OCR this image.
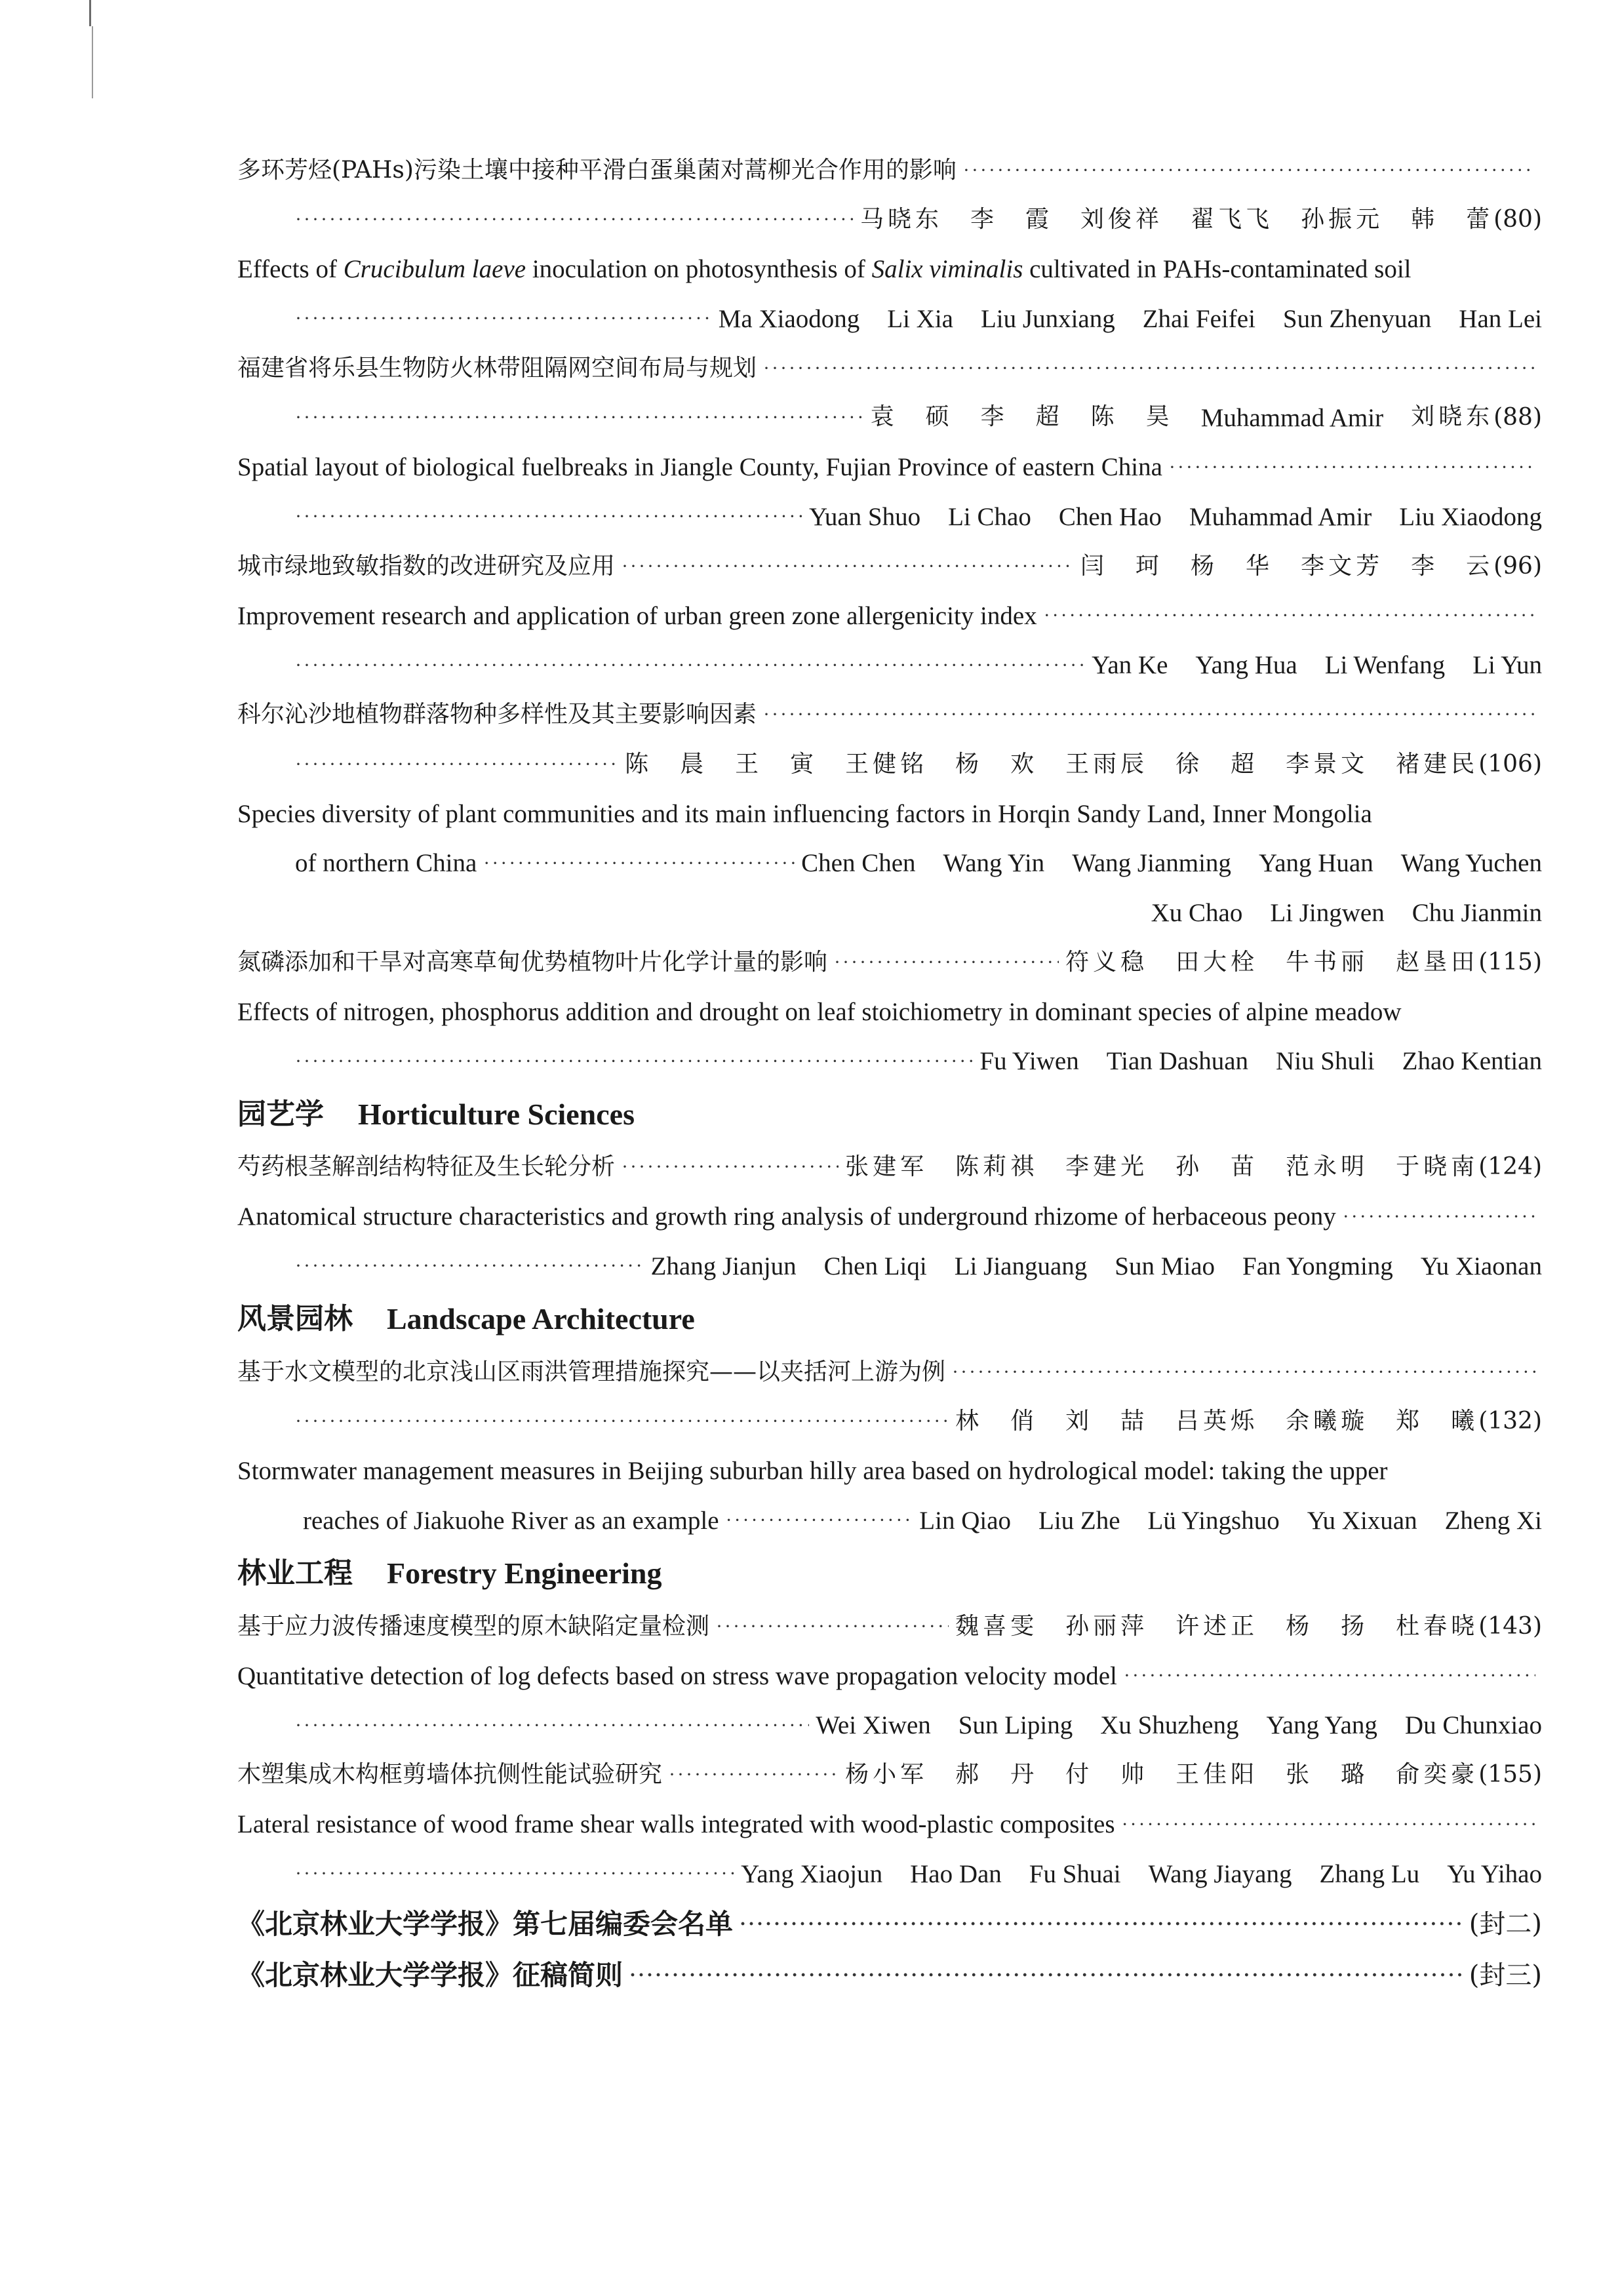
多环芳烃(PAHs)污染土壤中接种平滑白蛋巢菌对蒿柳光合作用的影响
·····
·····
马晓东 李　霞 刘俊祥 翟飞飞 孙振元 韩　蕾 (80)
Effects of Crucibulum laeve inoculation on photosynthesis of Salix viminalis cultivated in PAHs-contaminated soil
·····
Ma Xiaodong Li Xia Liu Junxiang Zhai Feifei Sun Zhenyuan Han Lei
福建省将乐县生物防火林带阻隔网空间布局与规划
·····
·····
袁　硕 李　超 陈　昊 Muhammad Amir 刘晓东 (88)
Spatial layout of biological fuelbreaks in Jiangle County, Fujian Province of eastern China
·····
·····
Yuan Shuo Li Chao Chen Hao Muhammad Amir Liu Xiaodong
城市绿地致敏指数的改进研究及应用 ·····	闫　珂 杨　华 李文芳 李　云 (96)
Improvement research and application of urban green zone allergenicity index
·····
·····
Yan Ke Yang Hua Li Wenfang Li Yun
科尔沁沙地植物群落物种多样性及其主要影响因素
·····
·····
陈　晨 王　寅 王健铭 杨　欢 王雨辰 徐　超 李景文 褚建民 (106)
Species diversity of plant communities and its main influencing factors in Horqin Sandy Land, Inner Mongolia
of northern China ·····	Chen Chen Wang Yin Wang Jianming Yang Huan Wang Yuchen
Xu Chao Li Jingwen Chu Jianmin
氮磷添加和干旱对高寒草甸优势植物叶片化学计量的影响 ·····	符义稳 田大栓 牛书丽 赵垦田 (115)
Effects of nitrogen, phosphorus addition and drought on leaf stoichiometry in dominant species of alpine meadow
·····
Fu Yiwen Tian Dashuan Niu Shuli Zhao Kentian
园艺学 Horticulture Sciences
芍药根茎解剖结构特征及生长轮分析 ·····	张建军 陈莉祺 李建光 孙　苗 范永明 于晓南 (124)
Anatomical structure characteristics and growth ring analysis of underground rhizome of herbaceous peony
·····
·····
Zhang Jianjun Chen Liqi Li Jianguang Sun Miao Fan Yongming Yu Xiaonan
风景园林 Landscape Architecture
基于水文模型的北京浅山区雨洪管理措施探究——以夹括河上游为例
·····
·····
林　俏 刘　喆 吕英烁 余曦璇 郑　曦 (132)
Stormwater management measures in Beijing suburban hilly area based on hydrological model: taking the upper
reaches of Jiakuohe River as an example ·····	Lin Qiao Liu Zhe Lü Yingshuo Yu Xixuan Zheng Xi
林业工程 Forestry Engineering
基于应力波传播速度模型的原木缺陷定量检测 ·····	魏喜雯 孙丽萍 许述正 杨　扬 杜春晓 (143)
Quantitative detection of log defects based on stress wave propagation velocity model
·····
·····
Wei Xiwen Sun Liping Xu Shuzheng Yang Yang Du Chunxiao
木塑集成木构框剪墙体抗侧性能试验研究 ·····	杨小军 郝　丹 付　帅 王佳阳 张　璐 俞奕豪 (155)
Lateral resistance of wood frame shear walls integrated with wood-plastic composites
·····
·····
Yang Xiaojun Hao Dan Fu Shuai Wang Jiayang Zhang Lu Yu Yihao
《北京林业大学学报》第七届编委会名单 ·····	(封二)
《北京林业大学学报》征稿简则 ·····	(封三)
